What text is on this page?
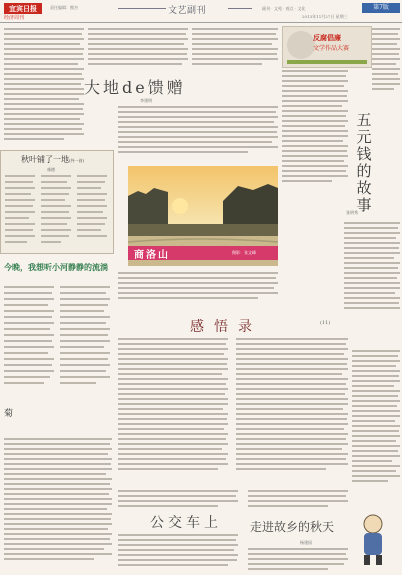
宜宾日报
经济周刊
责任编辑：熊杰	文艺副刊	副刊 · 文苑 · 观点 · 文化
2013年11月27日 星期三
第7版
大地de馈赠
李建明
反腐倡廉
文学作品大赛
五元钱的故事
张明秀
秋叶铺了一地(外一首)
虞德
商洛山	摄影：张文峰
今晚，我想听小河静静的流淌
菊
感悟录	(11)
公交车上 走进故乡的秋天
杨建国
